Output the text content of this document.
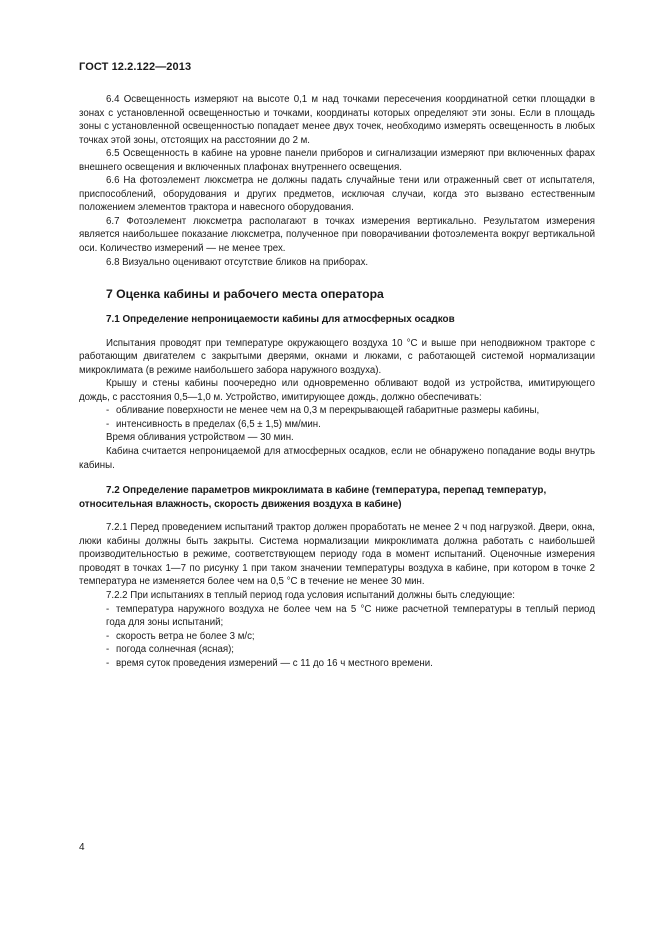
ГОСТ 12.2.122—2013

6.4 Освещенность измеряют на высоте 0,1 м над точками пересечения координатной сетки площадки в зонах с установленной освещенностью и точками, координаты которых определяют эти зоны. Если в площадь зоны с установленной освещенностью попадает менее двух точек, необходимо измерять освещенность в любых точках этой зоны, отстоящих на расстоянии до 2 м.

6.5 Освещенность в кабине на уровне панели приборов и сигнализации измеряют при включенных фарах внешнего освещения и включенных плафонах внутреннего освещения.

6.6 На фотоэлемент люксметра не должны падать случайные тени или отраженный свет от испытателя, приспособлений, оборудования и других предметов, исключая случаи, когда это вызвано естественным положением элементов трактора и навесного оборудования.

6.7 Фотоэлемент люксметра располагают в точках измерения вертикально. Результатом измерения является наибольшее показание люксметра, полученное при поворачивании фотоэлемента вокруг вертикальной оси. Количество измерений — не менее трех.

6.8 Визуально оценивают отсутствие бликов на приборах.

7 Оценка кабины и рабочего места оператора

7.1 Определение непроницаемости кабины для атмосферных осадков

Испытания проводят при температуре окружающего воздуха 10 °С и выше при неподвижном тракторе с работающим двигателем с закрытыми дверями, окнами и люками, с работающей системой нормализации микроклимата (в режиме наибольшего забора наружного воздуха).

Крышу и стены кабины поочередно или одновременно обливают водой из устройства, имитирующего дождь, с расстояния 0,5—1,0 м. Устройство, имитирующее дождь, должно обеспечивать:

- обливание поверхности не менее чем на 0,3 м перекрывающей габаритные размеры кабины,

- интенсивность в пределах (6,5 ± 1,5) мм/мин.

Время обливания устройством — 30 мин.

Кабина считается непроницаемой для атмосферных осадков, если не обнаружено попадание воды внутрь кабины.

7.2 Определение параметров микроклимата в кабине (температура, перепад температур,

относительная влажность, скорость движения воздуха в кабине)

7.2.1 Перед проведением испытаний трактор должен проработать не менее 2 ч под нагрузкой. Двери, окна, люки кабины должны быть закрыты. Система нормализации микроклимата должна работать с наибольшей производительностью в режиме, соответствующем периоду года в момент испытаний. Оценочные измерения проводят в точках 1—7 по рисунку 1 при таком значении температуры воздуха в кабине, при котором в точке 2 температура не изменяется более чем на 0,5 °С в течение не менее 30 мин.

7.2.2 При испытаниях в теплый период года условия испытаний должны быть следующие:

- температура наружного воздуха не более чем на 5 °С ниже расчетной температуры в теплый период года для зоны испытаний;

- скорость ветра не более 3 м/с;

- погода солнечная (ясная);

- время суток проведения измерений — с 11 до 16 ч местного времени.

4
